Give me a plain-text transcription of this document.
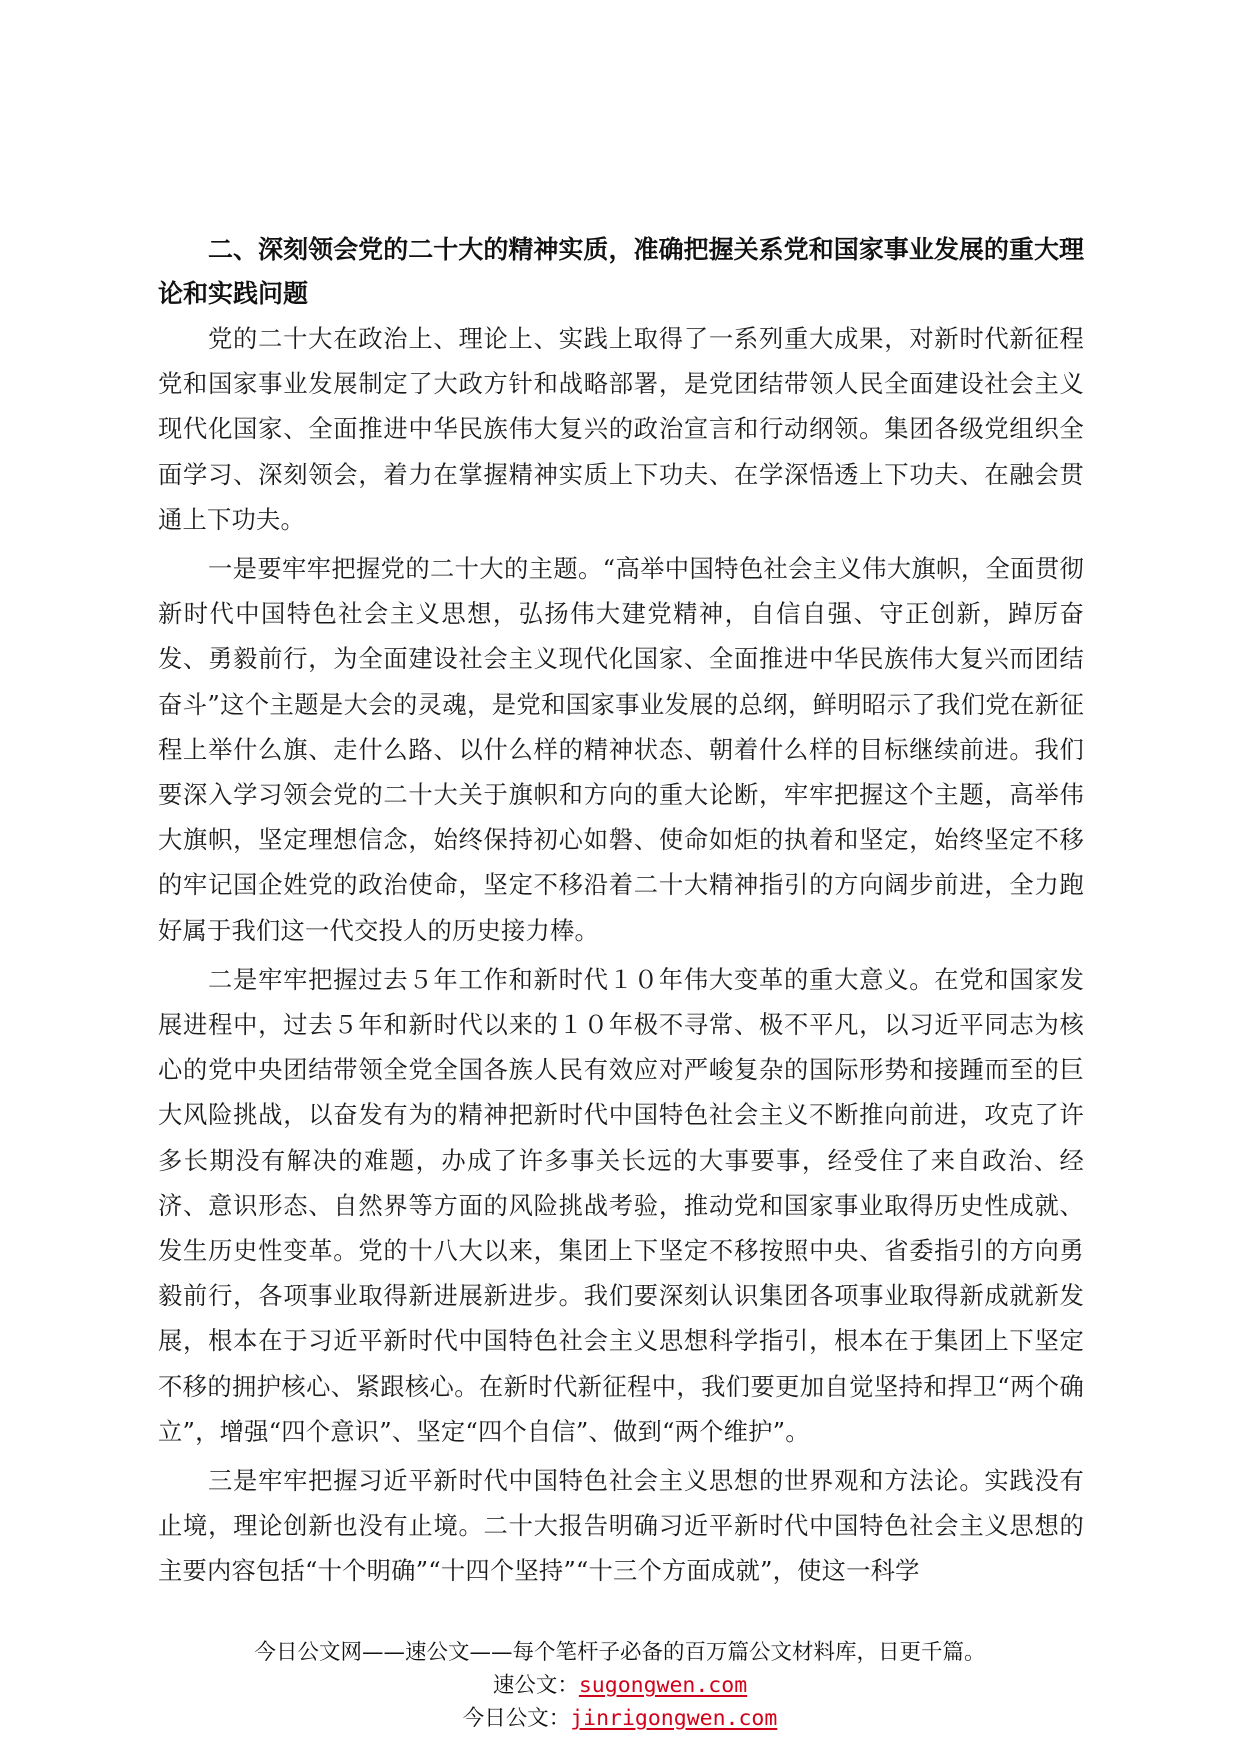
二、深刻领会党的二十大的精神实质，准确把握关系党和国家事业发展的重大理论和实践问题

党的二十大在政治上、理论上、实践上取得了一系列重大成果，对新时代新征程党和国家事业发展制定了大政方针和战略部署，是党团结带领人民全面建设社会主义现代化国家、全面推进中华民族伟大复兴的政治宣言和行动纲领。集团各级党组织全面学习、深刻领会，着力在掌握精神实质上下功夫、在学深悟透上下功夫、在融会贯通上下功夫。

一是要牢牢把握党的二十大的主题。“高举中国特色社会主义伟大旗帜，全面贯彻新时代中国特色社会主义思想，弘扬伟大建党精神，自信自强、守正创新，踔厉奋发、勇毅前行，为全面建设社会主义现代化国家、全面推进中华民族伟大复兴而团结奋斗”这个主题是大会的灵魂，是党和国家事业发展的总纲，鲜明昭示了我们党在新征程上举什么旗、走什么路、以什么样的精神状态、朝着什么样的目标继续前进。我们要深入学习领会党的二十大关于旗帜和方向的重大论断，牢牢把握这个主题，高举伟大旗帜，坚定理想信念，始终保持初心如磐、使命如炬的执着和坚定，始终坚定不移的牢记国企姓党的政治使命，坚定不移沿着二十大精神指引的方向阔步前进，全力跑好属于我们这一代交投人的历史接力棒。

二是牢牢把握过去５年工作和新时代１０年伟大变革的重大意义。在党和国家发展进程中，过去５年和新时代以来的１０年极不寻常、极不平凡，以习近平同志为核心的党中央团结带领全党全国各族人民有效应对严峻复杂的国际形势和接踵而至的巨大风险挑战，以奋发有为的精神把新时代中国特色社会主义不断推向前进，攻克了许多长期没有解决的难题，办成了许多事关长远的大事要事，经受住了来自政治、经济、意识形态、自然界等方面的风险挑战考验，推动党和国家事业取得历史性成就、发生历史性变革。党的十八大以来，集团上下坚定不移按照中央、省委指引的方向勇毅前行，各项事业取得新进展新进步。我们要深刻认识集团各项事业取得新成就新发展，根本在于习近平新时代中国特色社会主义思想科学指引，根本在于集团上下坚定不移的拥护核心、紧跟核心。在新时代新征程中，我们要更加自觉坚持和捍卫“两个确立”，增强“四个意识”、坚定“四个自信”、做到“两个维护”。

三是牢牢把握习近平新时代中国特色社会主义思想的世界观和方法论。实践没有止境，理论创新也没有止境。二十大报告明确习近平新时代中国特色社会主义思想的主要内容包括“十个明确”“十四个坚持”“十三个方面成就”，使这一科学

今日公文网——速公文——每个笔杆子必备的百万篇公文材料库，日更千篇。
速公文：sugongwen.com
今日公文：jinrigongwen.com
